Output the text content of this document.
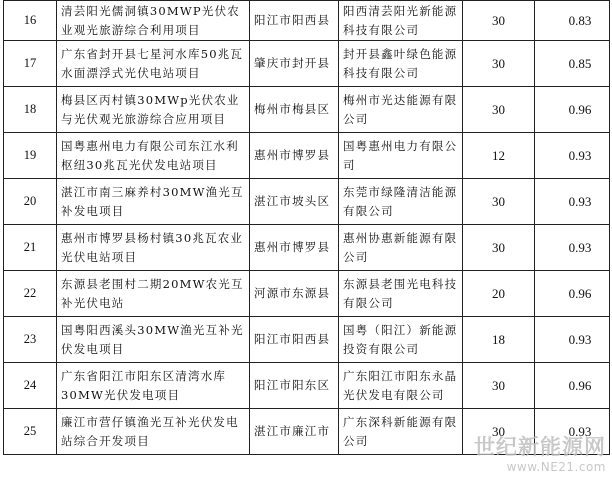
16	清芸阳光儒洞镇30MWP光伏农业观光旅游综合利用项目	阳江市阳西县	阳西清芸阳光新能源科技有限公司	30	0.83
17	广东省封开县七星河水库50兆瓦水面漂浮式光伏电站项目	肇庆市封开县	封开县鑫叶绿色能源科技有限公司	30	0.85
18	梅县区丙村镇30MWp光伏农业与光伏观光旅游综合应用项目	梅州市梅县区	梅州市光达能源有限公司	30	0.96
19	国粤惠州电力有限公司东江水利枢纽30兆瓦光伏发电站项目	惠州市博罗县	国粤惠州电力有限公司	12	0.93
20	湛江市南三麻养村30MW渔光互补发电项目	湛江市坡头区	东莞市绿隆清洁能源有限公司	30	0.93
21	惠州市博罗县杨村镇30兆瓦农业光伏电站项目	惠州市博罗县	惠州协惠新能源有限公司	30	0.93
22	东源县老围村二期20MW农光互补光伏电站	河源市东源县	东源县老围光电科技有限公司	20	0.96
23	国粤阳西溪头30MW渔光互补光伏发电项目	阳江市阳西县	国粤（阳江）新能源投资有限公司	18	0.93
24	广东省阳江市阳东区清湾水库30MW光伏发电项目	阳江市阳东区	广东阳江市阳东永晶光伏发电有限公司	30	0.96
25	廉江市营仔镇渔光互补光伏发电站综合开发项目	湛江市廉江市	广东深科新能源有限公司	30	0.93
世纪新能源网
www.NE21.com
